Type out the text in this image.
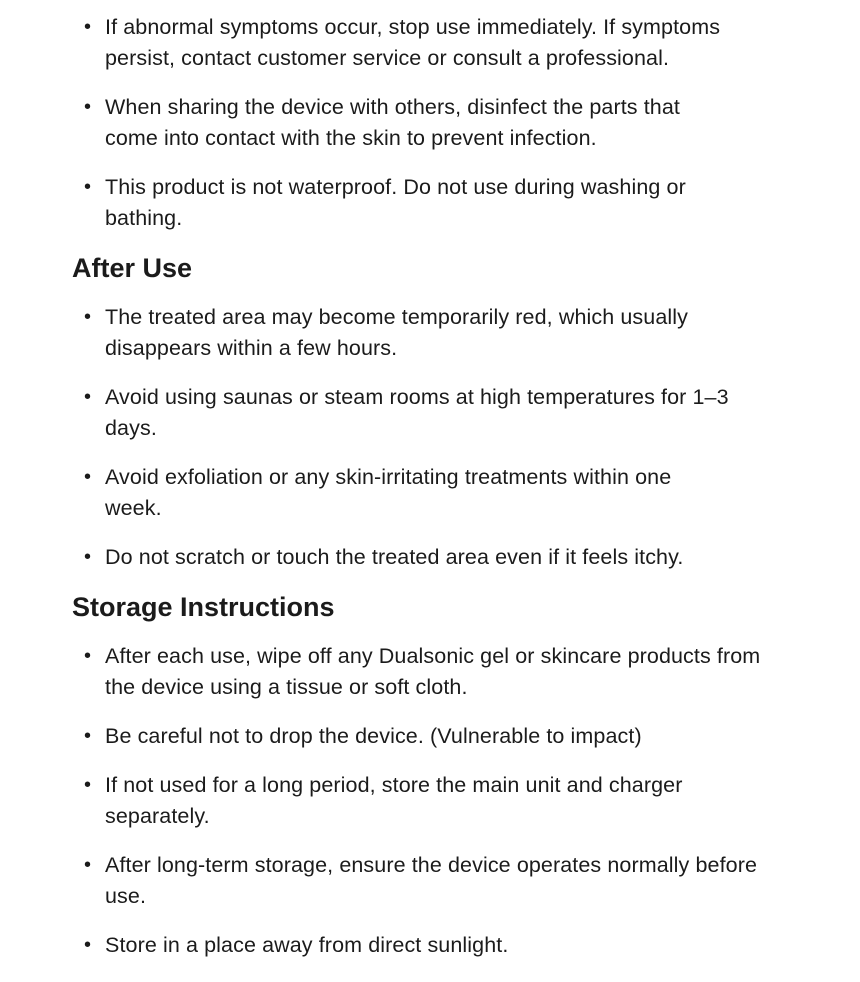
• If abnormal symptoms occur, stop use immediately. If symptoms
persist, contact customer service or consult a professional.
• When sharing the device with others, disinfect the parts that
come into contact with the skin to prevent infection.
• This product is not waterproof. Do not use during washing or
bathing.
After Use
• The treated area may become temporarily red, which usually
disappears within a few hours.
• Avoid using saunas or steam rooms at high temperatures for 1–3
days.
• Avoid exfoliation or any skin-irritating treatments within one
week.
• Do not scratch or touch the treated area even if it feels itchy.
Storage Instructions
• After each use, wipe off any Dualsonic gel or skincare products from
the device using a tissue or soft cloth.
• Be careful not to drop the device. (Vulnerable to impact)
• If not used for a long period, store the main unit and charger
separately.
• After long-term storage, ensure the device operates normally before
use.
• Store in a place away from direct sunlight.
